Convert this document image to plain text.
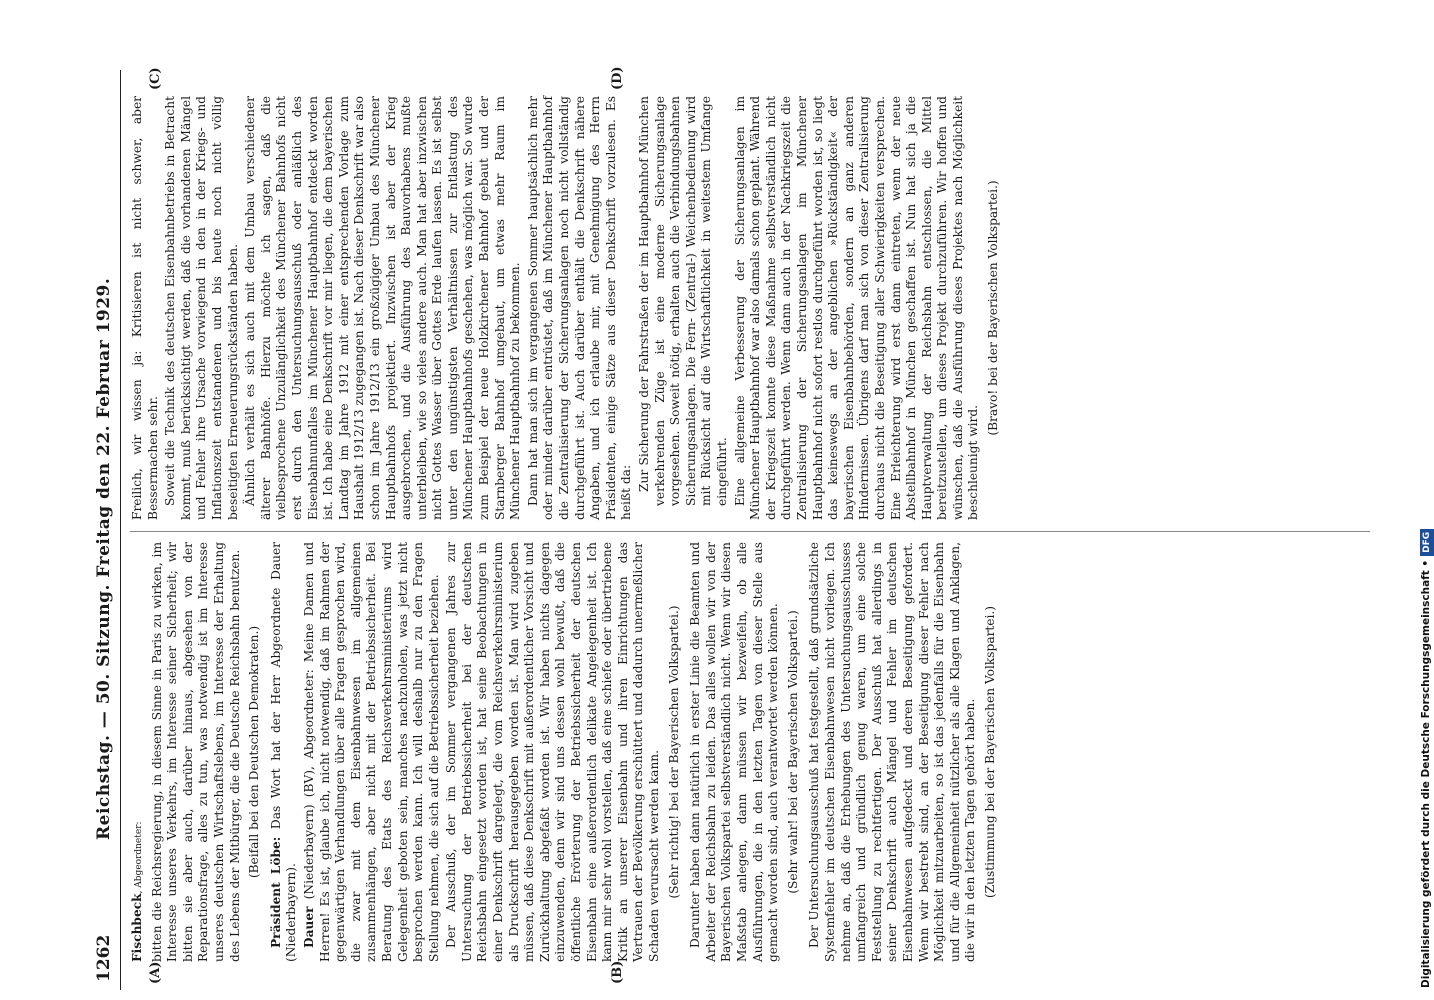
1262
Reichstag. — 50. Sitzung. Freitag den 22. Februar 1929.
(A)	(B)
(C)	(D)

Fischbeck, Abgeordneter: bitten die Reichsregierung, in diesem Sinne in Paris zu wirken, im Interesse unseres Verkehrs, im Interesse seiner Sicherheit; wir bitten sie aber auch, darüber hinaus, abgesehen von der Reparationsfrage, alles zu tun, was notwendig ist im Interesse unseres deutschen Wirtschaftslebens, im Interesse der Erhaltung des Lebens der Mitbürger, die die Deutsche Reichsbahn benutzen. (Beifall bei den Deutschen Demokraten.)

Präsident Löbe: Das Wort hat der Herr Abgeordnete Dauer (Niederbayern). Dauer (Niederbayern) (BV), Abgeordneter: Meine Damen und Herren! Es ist, glaube ich, nicht notwendig, daß im Rahmen der gegenwärtigen Verhandlungen über alle Fragen gesprochen wird, die zwar mit dem Eisenbahnwesen im allgemeinen zusammenhängen, aber nicht mit der Betriebssicherheit. Bei Beratung des Etats des Reichsverkehrsministeriums wird Gelegenheit geboten sein, manches nachzuholen, was jetzt nicht besprochen werden kann. Ich will deshalb nur zu den Fragen Stellung nehmen, die sich auf die Betriebssicherheit beziehen. Der Ausschuß, der im Sommer vergangenen Jahres zur Untersuchung der Betriebssicherheit bei der deutschen Reichsbahn eingesetzt worden ist, hat seine Beobachtungen in einer Denkschrift dargelegt, die vom Reichsverkehrsministerium als Druckschrift herausgegeben worden ist. Man wird zugeben müssen, daß diese Denkschrift mit außerordentlicher Vorsicht und Zurückhaltung abgefaßt worden ist. Wir haben nichts dagegen einzuwenden, denn wir sind uns dessen wohl bewußt, daß die öffentliche Erörterung der Betriebssicherheit der deutschen Eisenbahn eine außerordentlich delikate Angelegenheit ist. Ich kann mir sehr wohl vorstellen, daß eine schiefe oder übertriebene Kritik an unserer Eisenbahn und ihren Einrichtungen das Vertrauen der Bevölkerung erschüttert und dadurch unermeßlicher Schaden verursacht werden kann. (Sehr richtig! bei der Bayerischen Volkspartei.) Darunter haben dann natürlich in erster Linie die Beamten und Arbeiter der Reichsbahn zu leiden. Das alles wollen wir von der Bayerischen Volkspartei selbstverständlich nicht. Wenn wir diesen Maßstab anlegen, dann müssen wir bezweifeln, ob alle Ausführungen, die in den letzten Tagen von dieser Stelle aus gemacht worden sind, auch verantwortet werden können. (Sehr wahr! bei der Bayerischen Volkspartei.) Der Untersuchungsausschuß hat festgestellt, daß grundsätzliche Systemfehler im deutschen Eisenbahnwesen nicht vorliegen. Ich nehme an, daß die Erhebungen des Untersuchungsausschusses umfangreich und gründlich genug waren, um eine solche Feststellung zu rechtfertigen. Der Ausschuß hat allerdings in seiner Denkschrift auch Mängel und Fehler im deutschen Eisenbahnwesen aufgedeckt und deren Beseitigung gefordert. Wenn wir bestrebt sind, an der Beseitigung dieser Fehler nach Möglichkeit mitzuarbeiten, so ist das jedenfalls für die Eisenbahn und für die Allgemeinheit nützlicher als alle Klagen und Anklagen, die wir in den letzten Tagen gehört haben. (Zustimmung bei der Bayerischen Volkspartei.)

Freilich, wir wissen ja: Kritisieren ist nicht schwer, aber Bessermachen sehr. Soweit die Technik des deutschen Eisenbahnbetriebs in Betracht kommt, muß berücksichtigt werden, daß die vorhandenen Mängel und Fehler ihre Ursache vorwiegend in den in der Kriegs- und Inflationszeit entstandenen und bis heute noch nicht völlig beseitigten Erneuerungsrückständen haben. Ähnlich verhält es sich auch mit dem Umbau verschiedener älterer Bahnhöfe. Hierzu möchte ich sagen, daß die vielbesprochene Unzulänglichkeit des Münchener Bahnhofs nicht erst durch den Untersuchungsausschuß oder anläßlich des Eisenbahnunfalles im Münchener Hauptbahnhof entdeckt worden ist. Ich habe eine Denkschrift vor mir liegen, die dem bayerischen Landtag im Jahre 1912 mit einer entsprechenden Vorlage zum Haushalt 1912/13 zugegangen ist. Nach dieser Denkschrift war also schon im Jahre 1912/13 ein großzügiger Umbau des Münchener Hauptbahnhofs projektiert. Inzwischen ist aber der Krieg ausgebrochen, und die Ausführung des Bauvorhabens mußte unterbleiben, wie so vieles andere auch. Man hat aber inzwischen nicht Gottes Wasser über Gottes Erde laufen lassen. Es ist selbst unter den ungünstigsten Verhältnissen zur Entlastung des Münchener Hauptbahnhofs geschehen, was möglich war. So wurde zum Beispiel der neue Holzkirchener Bahnhof gebaut und der Starnberger Bahnhof umgebaut, um etwas mehr Raum im Münchener Hauptbahnhof zu bekommen. Dann hat man sich im vergangenen Sommer hauptsächlich mehr oder minder darüber entrüstet, daß im Münchener Hauptbahnhof die Zentralisierung der Sicherungsanlagen noch nicht vollständig durchgeführt ist. Auch darüber enthält die Denkschrift nähere Angaben, und ich erlaube mir, mit Genehmigung des Herrn Präsidenten, einige Sätze aus dieser Denkschrift vorzulesen. Es heißt da:

Zur Sicherung der Fahrstraßen der im Hauptbahnhof München verkehrenden Züge ist eine moderne Sicherungsanlage vorgesehen. Soweit nötig, erhalten auch die Verbindungsbahnen Sicherungsanlagen. Die Fern- (Zentral-) Weichenbedienung wird mit Rücksicht auf die Wirtschaftlichkeit in weitestem Umfange eingeführt. Eine allgemeine Verbesserung der Sicherungsanlagen im Münchener Hauptbahnhof war also damals schon geplant. Während der Kriegszeit konnte diese Maßnahme selbstverständlich nicht durchgeführt werden. Wenn dann auch in der Nachkriegszeit die Zentralisierung der Sicherungsanlagen im Münchener Hauptbahnhof nicht sofort restlos durchgeführt worden ist, so liegt das keineswegs an der angeblichen »Rückständigkeit« der bayerischen Eisenbahnbehörden, sondern an ganz anderen Hindernissen. Übrigens darf man sich von dieser Zentralisierung durchaus nicht die Beseitigung aller Schwierigkeiten versprechen. Eine Erleichterung wird erst dann eintreten, wenn der neue Abstellbahnhof in München geschaffen ist. Nun hat sich ja die Hauptverwaltung der Reichsbahn entschlossen, die Mittel bereitzustellen, um dieses Projekt durchzuführen. Wir hoffen und wünschen, daß die Ausführung dieses Projektes nach Möglichkeit beschleunigt wird.

(Bravo! bei der Bayerischen Volkspartei.)

Digitalisierung gefördert durch die Deutsche Forschungsgemeinschaft •DFG
